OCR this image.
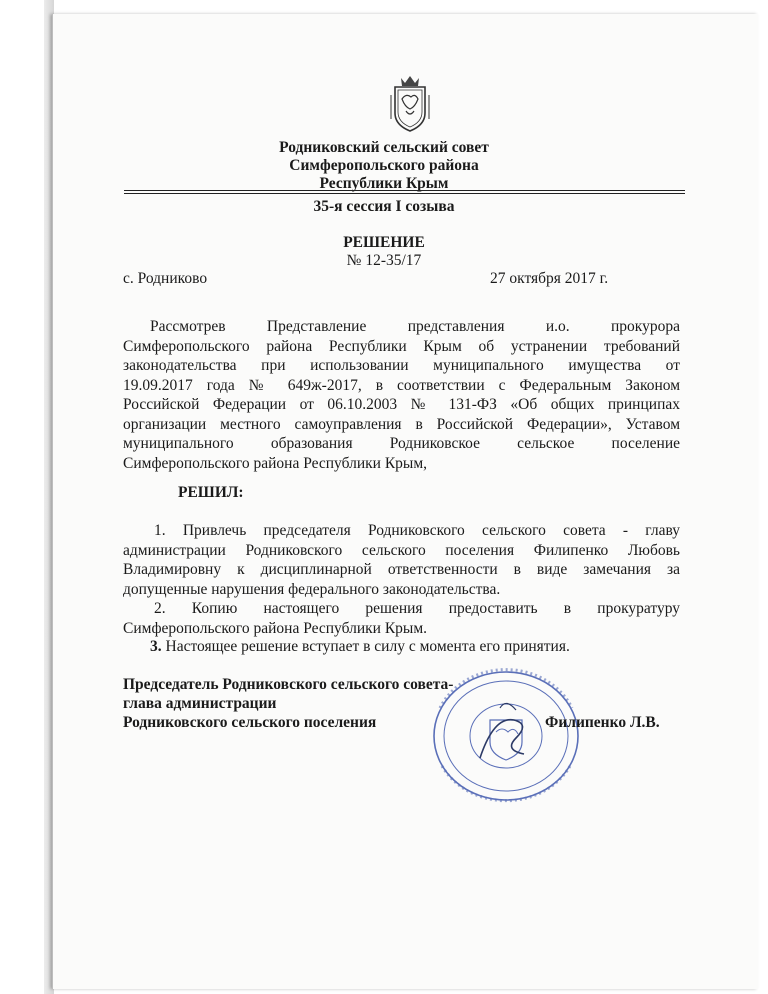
Родниковский сельский совет
Симферопольского района
Республики Крым
35-я сессия I созыва
РЕШЕНИЕ
№ 12-35/17
с. Родниково	27 октября 2017 г.
Рассмотрев Представление представления и.о. прокурора
Симферопольского района Республики Крым об устранении требований
законодательства при использовании муниципального имущества от
19.09.2017 года № 649ж-2017, в соответствии с Федеральным Законом
Российской Федерации от 06.10.2003 № 131-ФЗ «Об общих принципах
организации местного самоуправления в Российской Федерации», Уставом
муниципального образования Родниковское сельское поселение
Симферопольского района Республики Крым,
РЕШИЛ:
1. Привлечь председателя Родниковского сельского совета - главу
администрации Родниковского сельского поселения Филипенко Любовь
Владимировну к дисциплинарной ответственности в виде замечания за
допущенные нарушения федерального законодательства.
2. Копию настоящего решения предоставить в прокуратуру
Симферопольского района Республики Крым.
3. Настоящее решение вступает в силу с момента его принятия.
Председатель Родниковского сельского совета-
глава администрации
Родниковского сельского поселения	Филипенко Л.В.
